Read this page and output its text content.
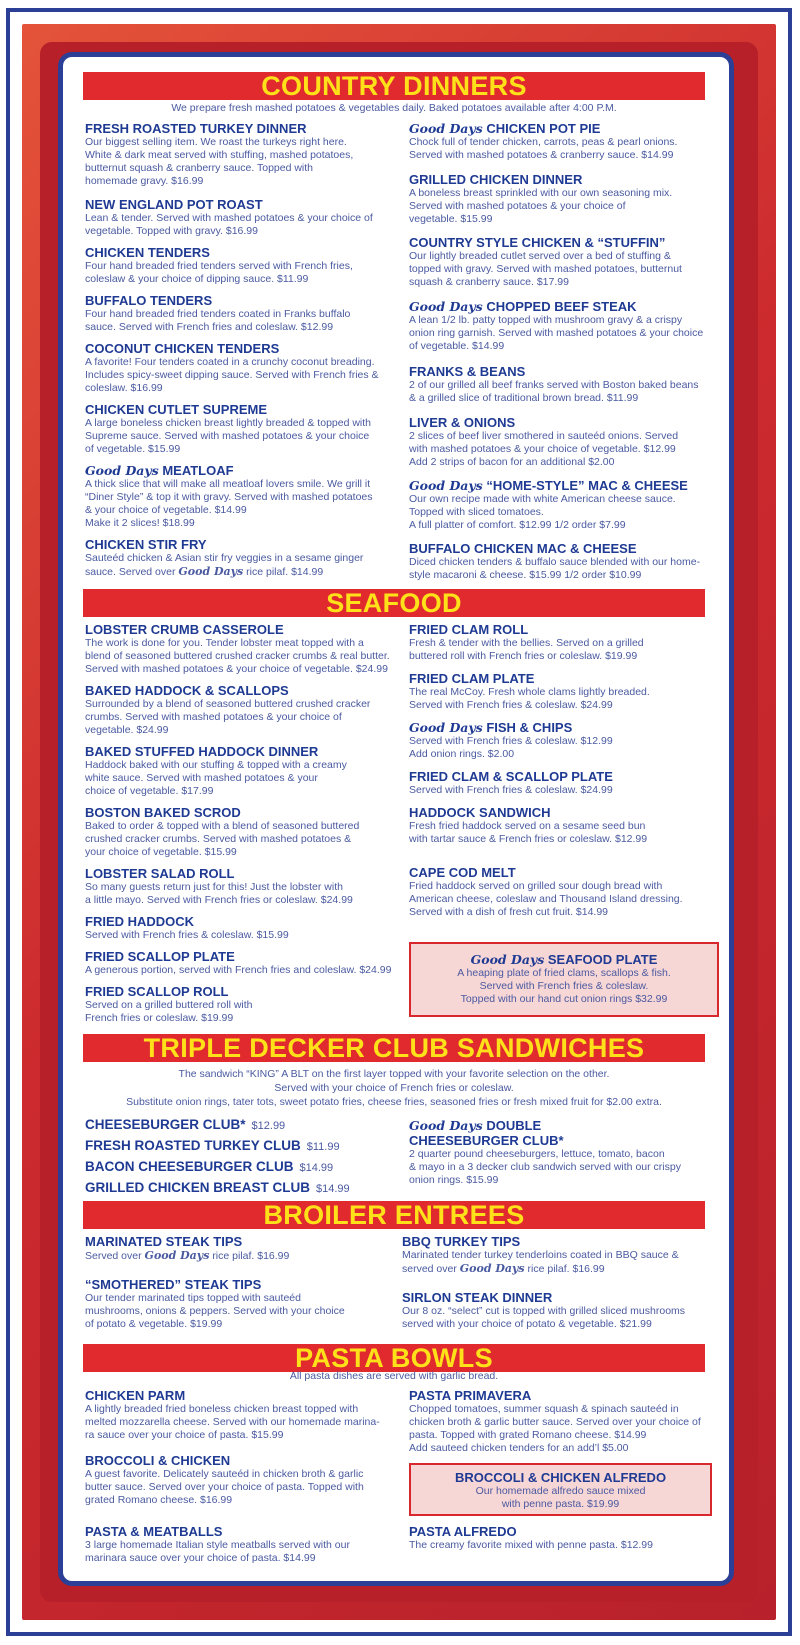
COUNTRY DINNERS
We prepare fresh mashed potatoes & vegetables daily. Baked potatoes available after 4:00 P.M.
FRESH ROASTED TURKEY DINNER
Our biggest selling item. We roast the turkeys right here.
White & dark meat served with stuffing, mashed potatoes,
butternut squash & cranberry sauce. Topped with
homemade gravy. $16.99
NEW ENGLAND POT ROAST
Lean & tender. Served with mashed potatoes & your choice of
vegetable. Topped with gravy. $16.99
CHICKEN TENDERS
Four hand breaded fried tenders served with French fries,
coleslaw & your choice of dipping sauce. $11.99
BUFFALO TENDERS
Four hand breaded fried tenders coated in Franks buffalo
sauce. Served with French fries and coleslaw. $12.99
COCONUT CHICKEN TENDERS
A favorite! Four tenders coated in a crunchy coconut breading.
Includes spicy-sweet dipping sauce. Served with French fries &
coleslaw. $16.99
CHICKEN CUTLET SUPREME
A large boneless chicken breast lightly breaded & topped with
Supreme sauce. Served with mashed potatoes & your choice
of vegetable. $15.99
Good Days MEATLOAF
A thick slice that will make all meatloaf lovers smile. We grill it
“Diner Style” & top it with gravy. Served with mashed potatoes
& your choice of vegetable. $14.99
Make it 2 slices! $18.99
CHICKEN STIR FRY
Sauteéd chicken & Asian stir fry veggies in a sesame ginger
sauce. Served over Good Days rice pilaf. $14.99
Good Days CHICKEN POT PIE
Chock full of tender chicken, carrots, peas & pearl onions.
Served with mashed potatoes & cranberry sauce. $14.99
GRILLED CHICKEN DINNER
A boneless breast sprinkled with our own seasoning mix.
Served with mashed potatoes & your choice of
vegetable. $15.99
COUNTRY STYLE CHICKEN & “STUFFIN”
Our lightly breaded cutlet served over a bed of stuffing &
topped with gravy. Served with mashed potatoes, butternut
squash & cranberry sauce. $17.99
Good Days CHOPPED BEEF STEAK
A lean 1/2 lb. patty topped with mushroom gravy & a crispy
onion ring garnish. Served with mashed potatoes & your choice
of vegetable. $14.99
FRANKS & BEANS
2 of our grilled all beef franks served with Boston baked beans
& a grilled slice of traditional brown bread. $11.99
LIVER & ONIONS
2 slices of beef liver smothered in sauteéd onions. Served
with mashed potatoes & your choice of vegetable. $12.99
Add 2 strips of bacon for an additional $2.00
Good Days “HOME-STYLE” MAC & CHEESE
Our own recipe made with white American cheese sauce.
Topped with sliced tomatoes.
A full platter of comfort. $12.99 1/2 order $7.99
BUFFALO CHICKEN MAC & CHEESE
Diced chicken tenders & buffalo sauce blended with our home-
style macaroni & cheese. $15.99 1/2 order $10.99
SEAFOOD
LOBSTER CRUMB CASSEROLE
The work is done for you. Tender lobster meat topped with a
blend of seasoned buttered crushed cracker crumbs & real butter.
Served with mashed potatoes & your choice of vegetable. $24.99
BAKED HADDOCK & SCALLOPS
Surrounded by a blend of seasoned buttered crushed cracker
crumbs. Served with mashed potatoes & your choice of
vegetable. $24.99
BAKED STUFFED HADDOCK DINNER
Haddock baked with our stuffing & topped with a creamy
white sauce. Served with mashed potatoes & your
choice of vegetable. $17.99
BOSTON BAKED SCROD
Baked to order & topped with a blend of seasoned buttered
crushed cracker crumbs. Served with mashed potatoes &
your choice of vegetable. $15.99
LOBSTER SALAD ROLL
So many guests return just for this! Just the lobster with
a little mayo. Served with French fries or coleslaw. $24.99
FRIED HADDOCK
Served with French fries & coleslaw. $15.99
FRIED SCALLOP PLATE
A generous portion, served with French fries and coleslaw. $24.99
FRIED SCALLOP ROLL
Served on a grilled buttered roll with
French fries or coleslaw. $19.99
FRIED CLAM ROLL
Fresh & tender with the bellies. Served on a grilled
buttered roll with French fries or coleslaw. $19.99
FRIED CLAM PLATE
The real McCoy. Fresh whole clams lightly breaded.
Served with French fries & coleslaw. $24.99
Good Days FISH & CHIPS
Served with French fries & coleslaw. $12.99
Add onion rings. $2.00
FRIED CLAM & SCALLOP PLATE
Served with French fries & coleslaw. $24.99
HADDOCK SANDWICH
Fresh fried haddock served on a sesame seed bun
with tartar sauce & French fries or coleslaw. $12.99
CAPE COD MELT
Fried haddock served on grilled sour dough bread with
American cheese, coleslaw and Thousand Island dressing.
Served with a dish of fresh cut fruit. $14.99
Good Days SEAFOOD PLATE
A heaping plate of fried clams, scallops & fish.
Served with French fries & coleslaw.
Topped with our hand cut onion rings $32.99
TRIPLE DECKER CLUB SANDWICHES
The sandwich “KING” A BLT on the first layer topped with your favorite selection on the other.
Served with your choice of French fries or coleslaw.
Substitute onion rings, tater tots, sweet potato fries, cheese fries, seasoned fries or fresh mixed fruit for $2.00 extra.
CHEESEBURGER CLUB* $12.99
FRESH ROASTED TURKEY CLUB $11.99
BACON CHEESEBURGER CLUB $14.99
GRILLED CHICKEN BREAST CLUB $14.99
Good Days DOUBLE
CHEESEBURGER CLUB*
2 quarter pound cheeseburgers, lettuce, tomato, bacon
& mayo in a 3 decker club sandwich served with our crispy
onion rings. $15.99
BROILER ENTREES
MARINATED STEAK TIPS
Served over Good Days rice pilaf. $16.99
“SMOTHERED” STEAK TIPS
Our tender marinated tips topped with sauteéd
mushrooms, onions & peppers. Served with your choice
of potato & vegetable. $19.99
BBQ TURKEY TIPS
Marinated tender turkey tenderloins coated in BBQ sauce &
served over Good Days rice pilaf. $16.99
SIRLON STEAK DINNER
Our 8 oz. “select” cut is topped with grilled sliced mushrooms
served with your choice of potato & vegetable. $21.99
PASTA BOWLS
All pasta dishes are served with garlic bread.
CHICKEN PARM
A lightly breaded fried boneless chicken breast topped with
melted mozzarella cheese. Served with our homemade marina-
ra sauce over your choice of pasta. $15.99
BROCCOLI & CHICKEN
A guest favorite. Delicately sauteéd in chicken broth & garlic
butter sauce. Served over your choice of pasta. Topped with
grated Romano cheese. $16.99
PASTA & MEATBALLS
3 large homemade Italian style meatballs served with our
marinara sauce over your choice of pasta. $14.99
PASTA PRIMAVERA
Chopped tomatoes, summer squash & spinach sauteéd in
chicken broth & garlic butter sauce. Served over your choice of
pasta. Topped with grated Romano cheese. $14.99
Add sauteed chicken tenders for an add’l $5.00
PASTA ALFREDO
The creamy favorite mixed with penne pasta. $12.99
BROCCOLI & CHICKEN ALFREDO
Our homemade alfredo sauce mixed
with penne pasta. $19.99
